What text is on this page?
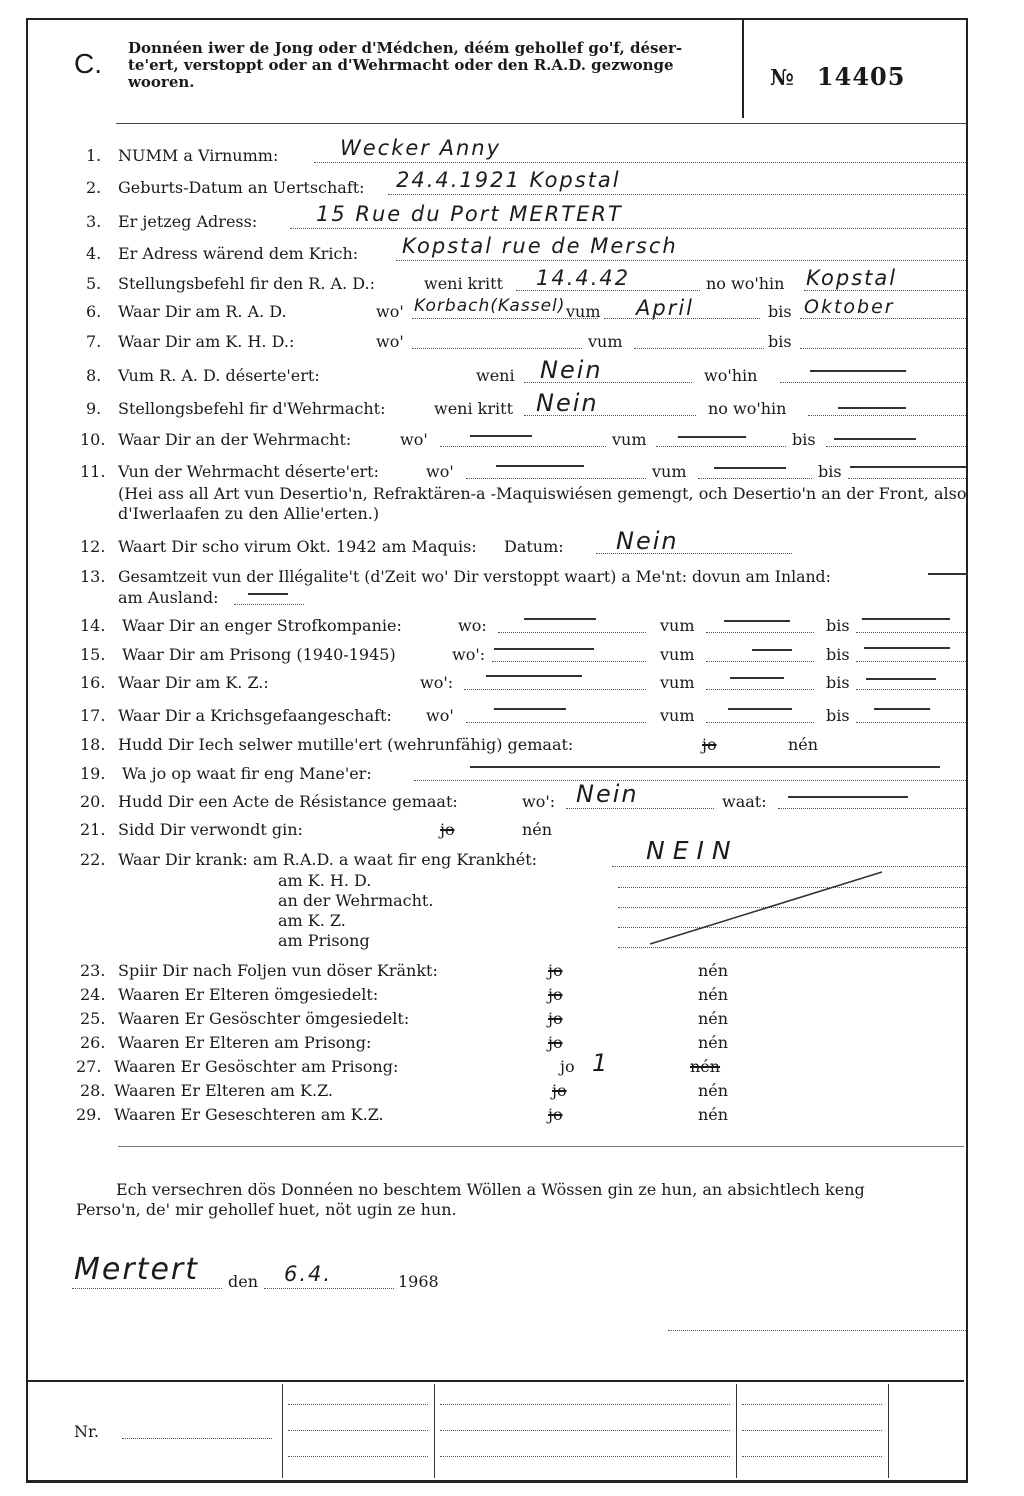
C. Donnéen iwer de Jong oder d'Médchen, déém gehollef go'f, déser-
te'ert, verstoppt oder an d'Wehrmacht oder den R.A.D. gezwonge
wooren.	№ 14405
1. NUMM a Virnumm:	Wecker Anny
2. Geburts-Datum an Uertschaft: 24.4.1921 Kopstal
3. Er jetzeg Adress:	15 Rue du Port MERTERT
4. Er Adress wärend dem Krich: Kopstal rue de Mersch
5. Stellungsbefehl fir den R. A. D.:	weni kritt 14.4.42	no wo'hin Kopstal
6. Waar Dir am R. A. D.	wo' Korbach(Kassel) vum April	bis Oktober
7. Waar Dir am K. H. D.:	wo'	vum	bis
8. Vum R. A. D. déserte'ert:	weni Nein	wo'hin
9. Stellongsbefehl fir d'Wehrmacht:	weni kritt Nein	no wo'hin
10. Waar Dir an der Wehrmacht:	wo'	vum	bis
11. Vun der Wehrmacht déserte'ert:	wo'	vum	bis
(Hei ass all Art vun Desertio'n, Refraktären-a -Maquiswiésen gemengt, och Desertio'n an der Front, also d'Iwerlaafen zu den Allie'erten.)
12. Waart Dir scho virum Okt. 1942 am Maquis: Datum: Nein
13. Gesamtzeit vun der Illégalite't (d'Zeit wo' Dir verstoppt waart) a Me'nt: dovun am Inland:
am Ausland:
14. Waar Dir an enger Strofkompanie:	wo:	vum	bis
15. Waar Dir am Prisong (1940-1945)	wo':	vum	bis
16. Waar Dir am K. Z.:	wo':	vum	bis
17. Waar Dir a Krichsgefaangeschaft: wo'	vum	bis
18. Hudd Dir Iech selwer mutille'ert (wehrunfähig) gemaat:	jo	nén
19. Wa jo op waat fir eng Mane'er:
20. Hudd Dir een Acte de Résistance gemaat:	wo': Nein	waat:
21. Sidd Dir verwondt gin:	jo	nén
22. Waar Dir krank: am R.A.D. a waat fir eng Krankhét:	NEIN
am K. H. D.
an der Wehrmacht.
am K. Z.
am Prisong
23. Spiir Dir nach Foljen vun döser Kränkt:	jo	nén
24. Waaren Er Elteren ömgesiedelt:	jo	nén
25. Waaren Er Gesöschter ömgesiedelt:	jo	nén
26. Waaren Er Elteren am Prisong:	jo	nén
27. Waaren Er Gesöschter am Prisong:	jo 1	nén
28. Waaren Er Elteren am K.Z.	jo	nén
29. Waaren Er Geseschteren am K.Z.	jo	nén
Ech versechren dös Donnéen no beschtem Wöllen a Wössen gin ze hun, an absichtlech keng
Perso'n, de' mir gehollef huet, nöt ugin ze hun.
Mertert den 6.4.	1968
Nr.
